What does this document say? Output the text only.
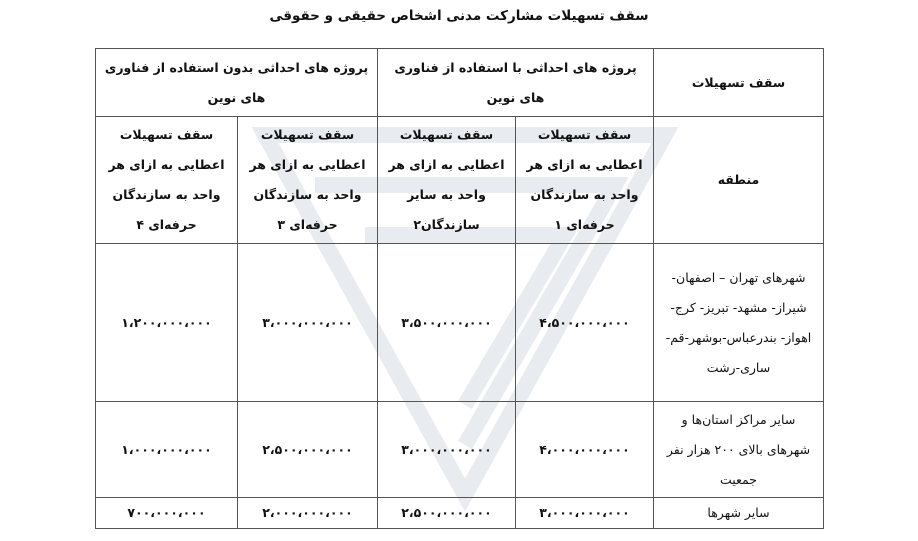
سقف تسهیلات مشارکت مدنی اشخاص حقیقی و حقوقی
سقف تسهیلات	پروژه های احداثی با استفاده از فناوری های نوین		پروژه های احداثی بدون استفاده از فناوری های نوین	
منطقه	سقف تسهیلات اعطایی به ازای هر واحد به سازندگان حرفه‌ای ۱	سقف تسهیلات اعطایی به ازای هر واحد به سایر سازندگان۲	سقف تسهیلات اعطایی به ازای هر واحد به سازندگان حرفه‌ای ۳	سقف تسهیلات اعطایی به ازای هر واحد به سازندگان حرفه‌ای ۴
شهرهای تهران – اصفهان-شیراز- مشهد- تبریز- کرج-اهواز- بندرعباس-بوشهر-قم- ساری-رشت	۴،۵۰۰،۰۰۰،۰۰۰	۳،۵۰۰،۰۰۰،۰۰۰	۳،۰۰۰،۰۰۰،۰۰۰	۱،۲۰۰،۰۰۰،۰۰۰
سایر مراکز استان‌ها و شهرهای بالای ۲۰۰ هزار نفر جمعیت	۴،۰۰۰،۰۰۰،۰۰۰	۳،۰۰۰،۰۰۰،۰۰۰	۲،۵۰۰،۰۰۰،۰۰۰	۱،۰۰۰،۰۰۰،۰۰۰
سایر شهرها	۳،۰۰۰،۰۰۰،۰۰۰	۲،۵۰۰،۰۰۰،۰۰۰	۲،۰۰۰،۰۰۰،۰۰۰	۷۰۰،۰۰۰،۰۰۰
